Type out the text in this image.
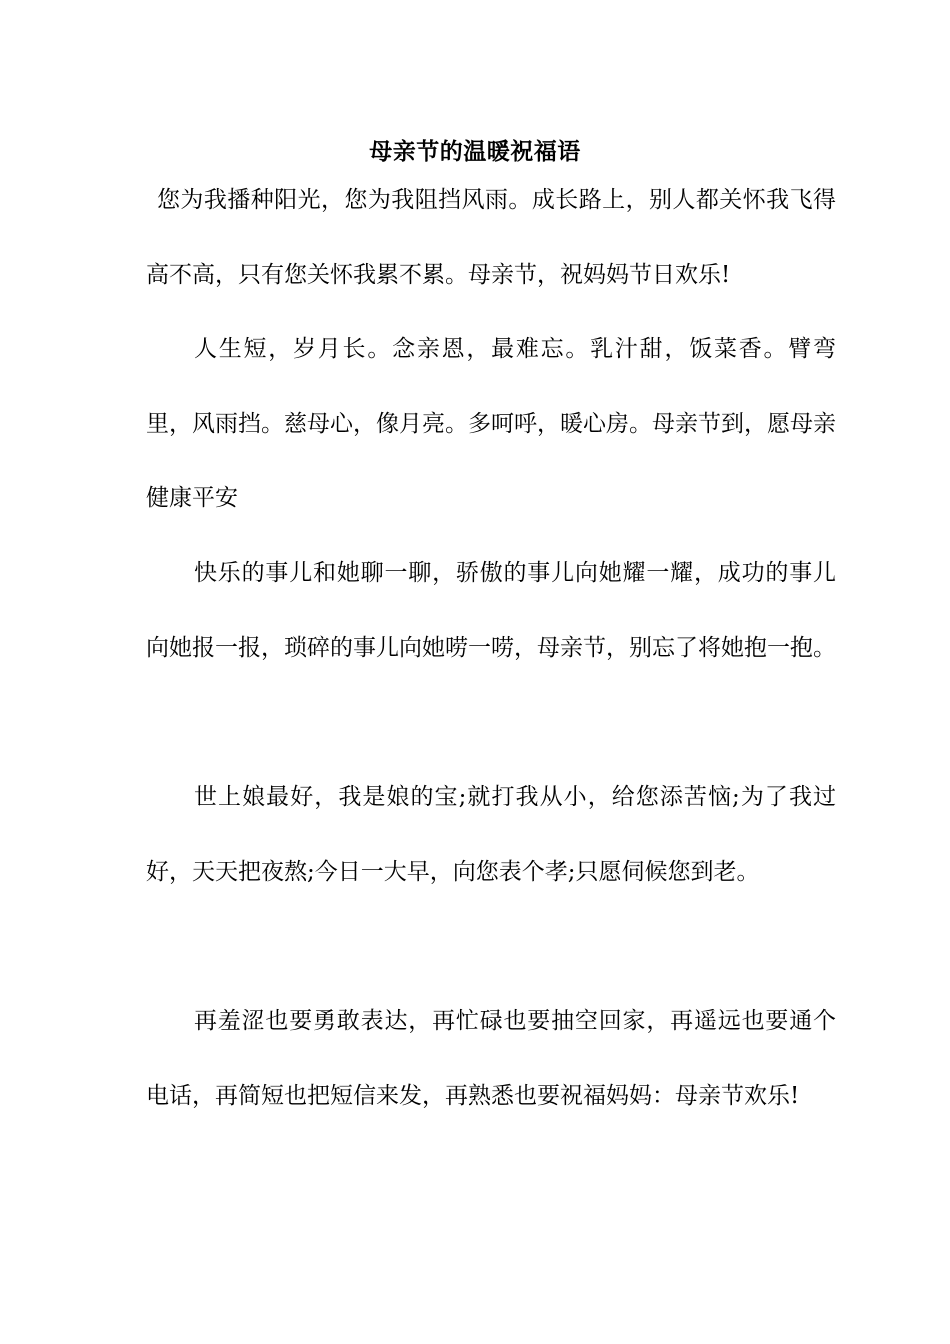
母亲节的温暖祝福语

您为我播种阳光，您为我阻挡风雨。成长路上，别人都关怀我飞得高不高，只有您关怀我累不累。母亲节，祝妈妈节日欢乐!

人生短，岁月长。念亲恩，最难忘。乳汁甜，饭菜香。臂弯里，风雨挡。慈母心，像月亮。多呵呼，暖心房。母亲节到，愿母亲健康平安

快乐的事儿和她聊一聊，骄傲的事儿向她耀一耀，成功的事儿向她报一报，琐碎的事儿向她唠一唠，母亲节，别忘了将她抱一抱。

世上娘最好，我是娘的宝;就打我从小，给您添苦恼;为了我过好，天天把夜熬;今日一大早，向您表个孝;只愿伺候您到老。

再羞涩也要勇敢表达，再忙碌也要抽空回家，再遥远也要通个电话，再简短也把短信来发，再熟悉也要祝福妈妈：母亲节欢乐!
